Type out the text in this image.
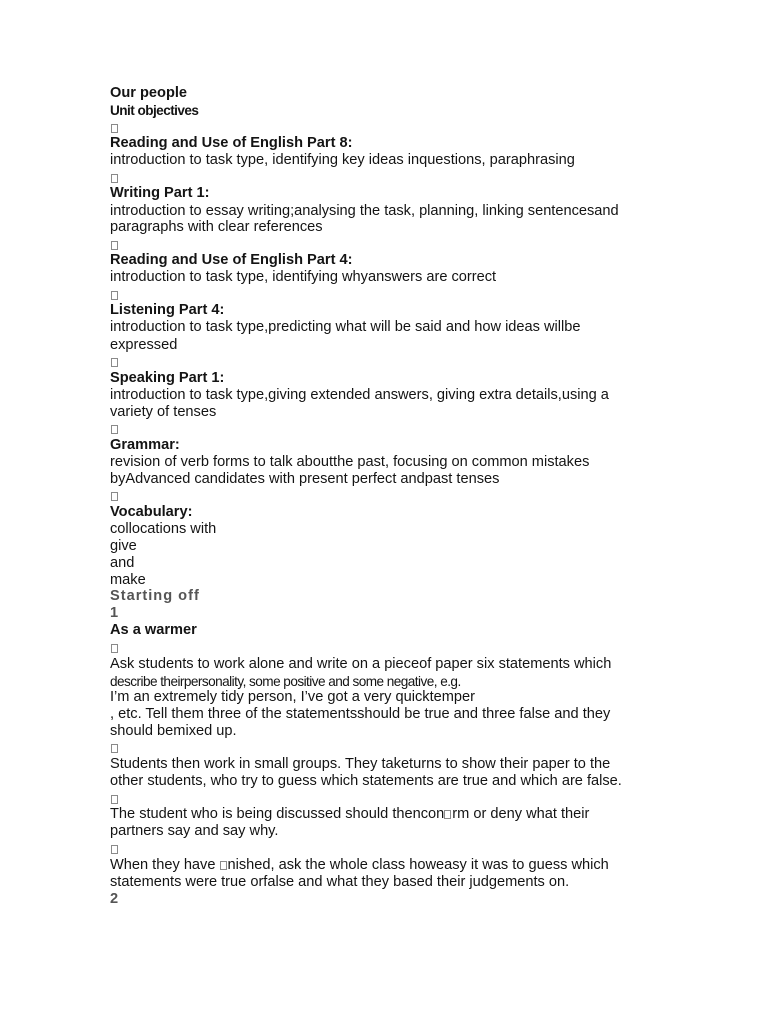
Our people
Unit objectives
Reading and Use of English Part 8:
introduction to task type, identifying key ideas inquestions, paraphrasing
Writing Part 1:
introduction to essay writing;analysing the task, planning, linking sentencesand
paragraphs with clear references
Reading and Use of English Part 4:
introduction to task type, identifying whyanswers are correct
Listening Part 4:
introduction to task type,predicting what will be said and how ideas willbe
expressed
Speaking Part 1:
introduction to task type,giving extended answers, giving extra details,using a
variety of tenses
Grammar:
revision of verb forms to talk aboutthe past, focusing on common mistakes
byAdvanced candidates with present perfect andpast tenses
Vocabulary:
collocations with
give
and
make
Starting off
1
As a warmer
Ask students to work alone and write on a pieceof paper six statements which
describe theirpersonality, some positive and some negative, e.g.
I’m an extremely tidy person, I’ve got a very quicktemper
, etc. Tell them three of the statementsshould be true and three false and they
should bemixed up.
Students then work in small groups. They taketurns to show their paper to the
other students, who try to guess which statements are true and which are false.
The student who is being discussed should thencon rm or deny what their
partners say and say why.
When they have nished, ask the whole class howeasy it was to guess which
statements were true orfalse and what they based their judgements on.
2
